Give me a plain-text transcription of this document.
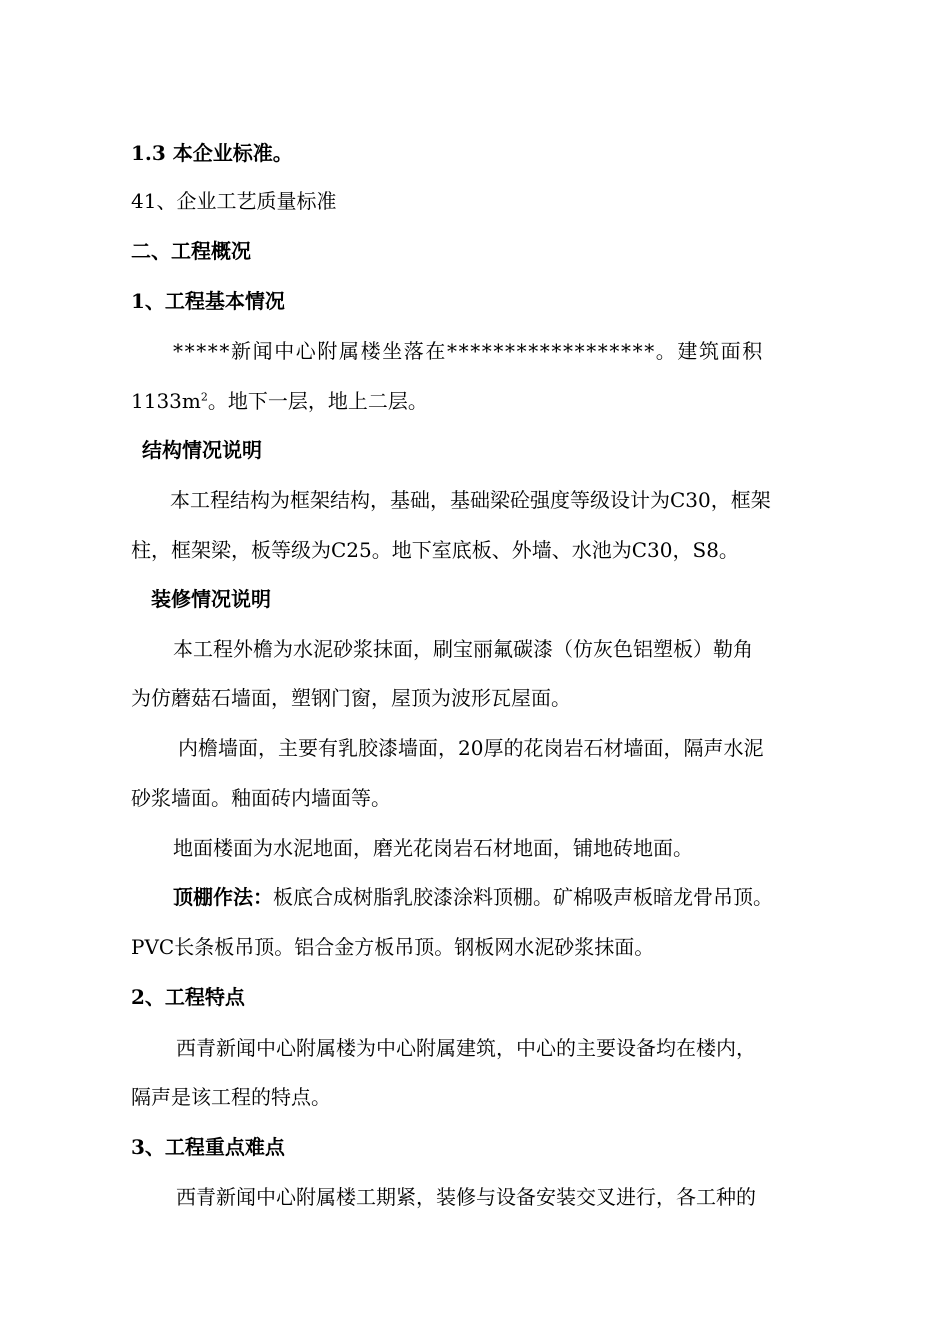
1.3 本企业标准。
41、企业工艺质量标准
二、工程概况
1、工程基本情况
*****新闻中心附属楼坐落在******************。建筑面积
$1133m^2$。地下一层，地上二层。
结构情况说明
本工程结构为框架结构，基础，基础梁砼强度等级设计为C30，框架
柱，框架梁，板等级为C25。地下室底板、外墙、水池为C30，S8。
装修情况说明
本工程外檐为水泥砂浆抹面，刷宝丽氟碳漆（仿灰色铝塑板）勒角
为仿蘑菇石墙面，塑钢门窗，屋顶为波形瓦屋面。
内檐墙面，主要有乳胶漆墙面，20厚的花岗岩石材墙面，隔声水泥
砂浆墙面。釉面砖内墙面等。
地面楼面为水泥地面，磨光花岗岩石材地面，铺地砖地面。
顶棚作法：板底合成树脂乳胶漆涂料顶棚。矿棉吸声板暗龙骨吊顶。
PVC长条板吊顶。铝合金方板吊顶。钢板网水泥砂浆抹面。
2、工程特点
西青新闻中心附属楼为中心附属建筑，中心的主要设备均在楼内，
隔声是该工程的特点。
3、工程重点难点
西青新闻中心附属楼工期紧，装修与设备安装交叉进行，各工种的
